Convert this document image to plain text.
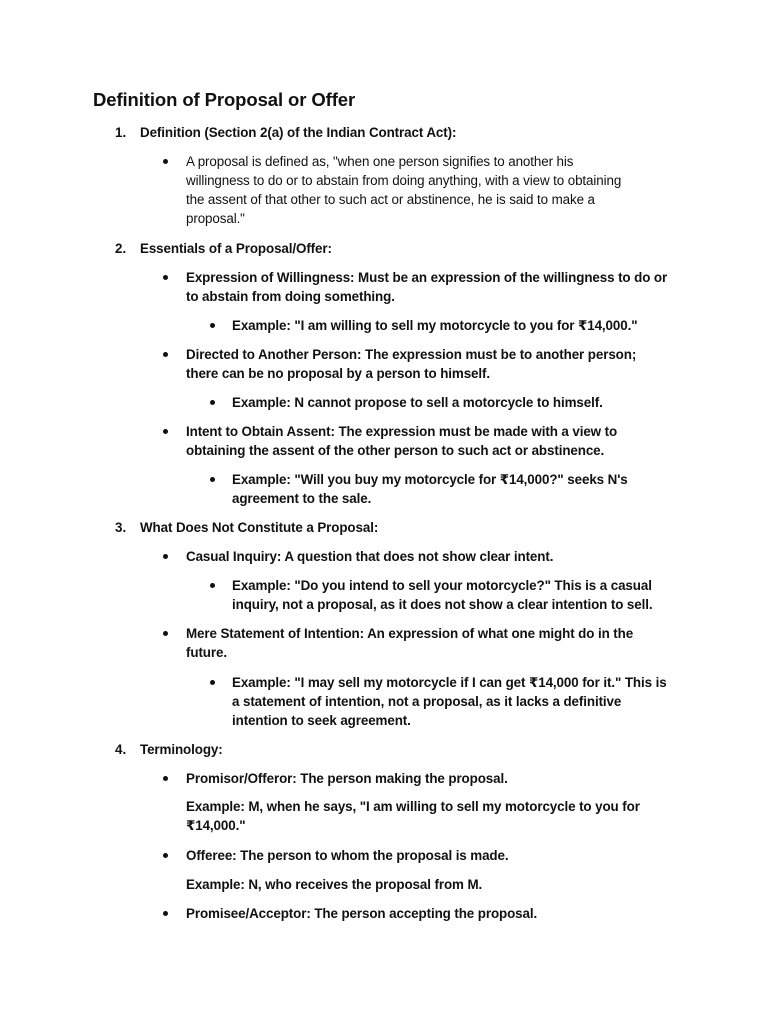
Definition of Proposal or Offer
1. Definition (Section 2(a) of the Indian Contract Act):
A proposal is defined as, "when one person signifies to another his
willingness to do or to abstain from doing anything, with a view to obtaining
the assent of that other to such act or abstinence, he is said to make a
proposal."
2. Essentials of a Proposal/Offer:
Expression of Willingness: Must be an expression of the willingness to do or
to abstain from doing something.
Example: "I am willing to sell my motorcycle to you for ₹14,000."
Directed to Another Person: The expression must be to another person;
there can be no proposal by a person to himself.
Example: N cannot propose to sell a motorcycle to himself.
Intent to Obtain Assent: The expression must be made with a view to
obtaining the assent of the other person to such act or abstinence.
Example: "Will you buy my motorcycle for ₹14,000?" seeks N's
agreement to the sale.
3. What Does Not Constitute a Proposal:
Casual Inquiry: A question that does not show clear intent.
Example: "Do you intend to sell your motorcycle?" This is a casual
inquiry, not a proposal, as it does not show a clear intention to sell.
Mere Statement of Intention: An expression of what one might do in the
future.
Example: "I may sell my motorcycle if I can get ₹14,000 for it." This is
a statement of intention, not a proposal, as it lacks a definitive
intention to seek agreement.
4. Terminology:
Promisor/Offeror: The person making the proposal.
Example: M, when he says, "I am willing to sell my motorcycle to you for
₹14,000."
Offeree: The person to whom the proposal is made.
Example: N, who receives the proposal from M.
Promisee/Acceptor: The person accepting the proposal.
